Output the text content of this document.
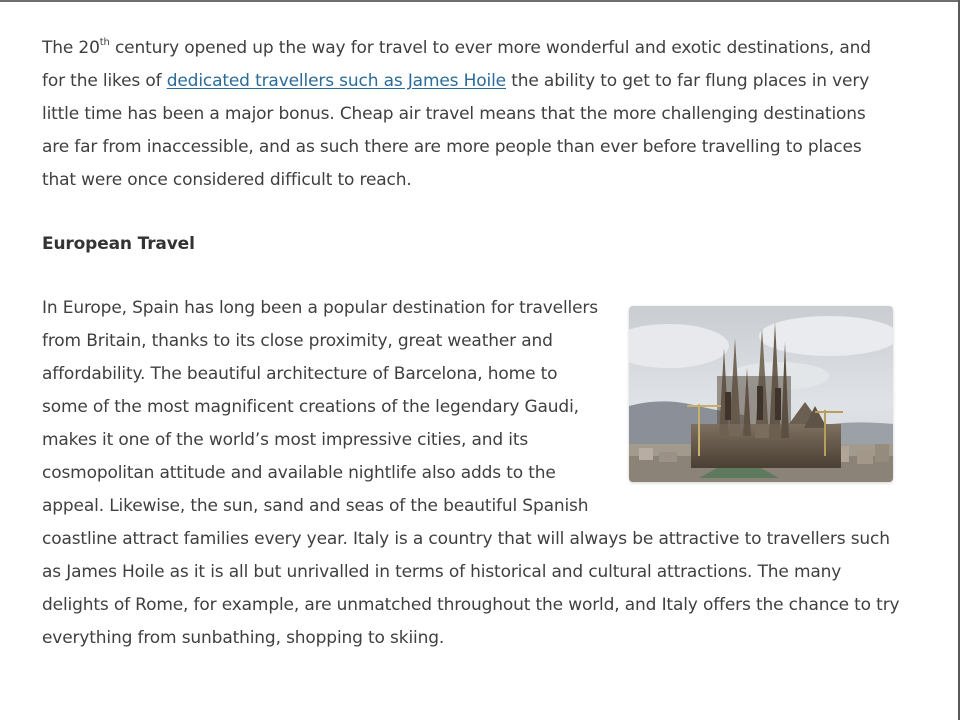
The 20th century opened up the way for travel to ever more wonderful and exotic destinations, and for the likes of dedicated travellers such as James Hoile the ability to get to far flung places in very little time has been a major bonus. Cheap air travel means that the more challenging destinations are far from inaccessible, and as such there are more people than ever before travelling to places that were once considered difficult to reach.

European Travel

In Europe, Spain has long been a popular destination for travellers from Britain, thanks to its close proximity, great weather and affordability. The beautiful architecture of Barcelona, home to some of the most magnificent creations of the legendary Gaudi, makes it one of the world’s most impressive cities, and its cosmopolitan attitude and available nightlife also adds to the appeal. Likewise, the sun, sand and seas of the beautiful Spanish coastline attract families every year. Italy is a country that will always be attractive to travellers such as James Hoile as it is all but unrivalled in terms of historical and cultural attractions. The many delights of Rome, for example, are unmatched throughout the world, and Italy offers the chance to try everything from sunbathing, shopping to skiing.
